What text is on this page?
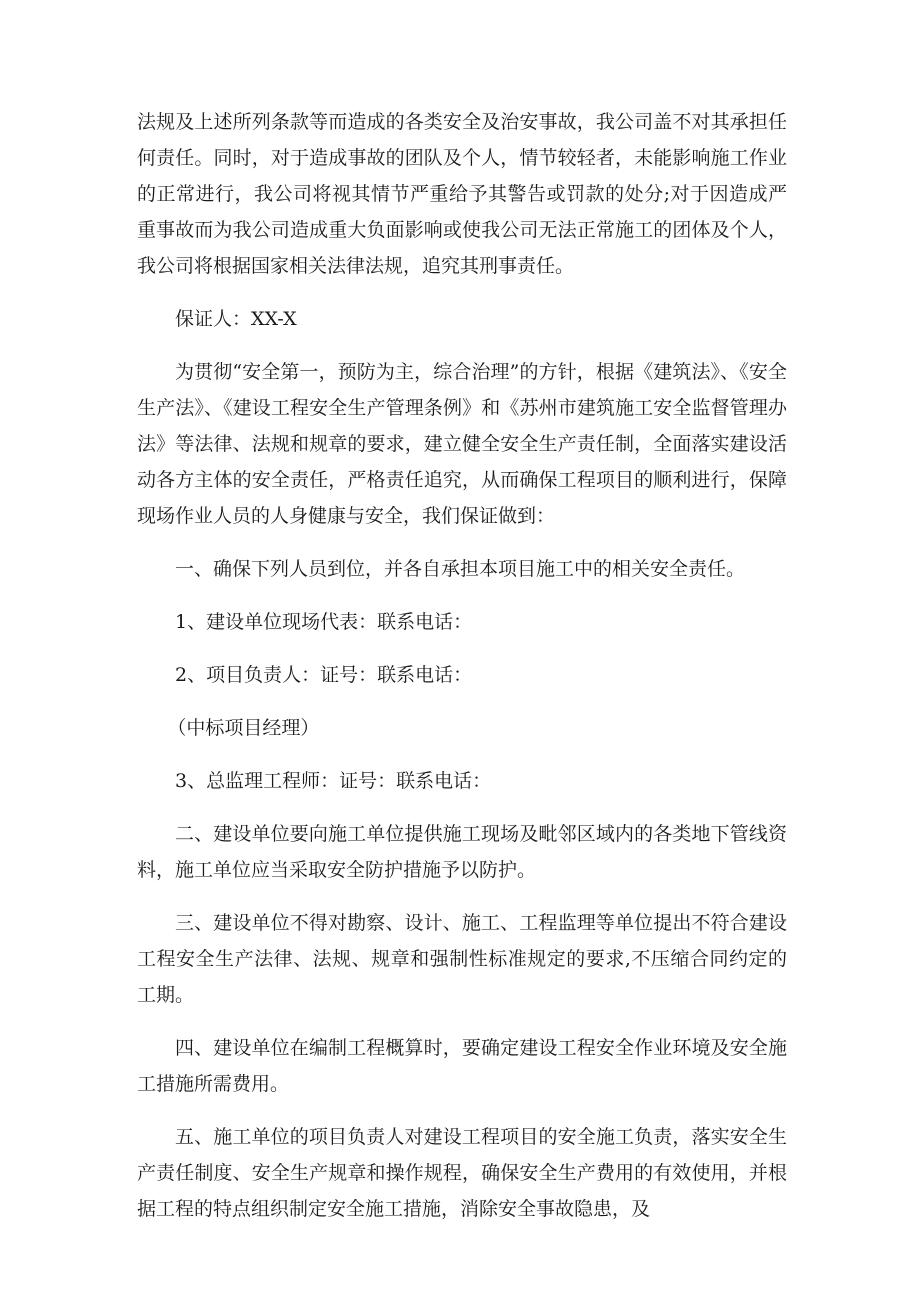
法规及上述所列条款等而造成的各类安全及治安事故，我公司盖不对其承担任何责任。同时，对于造成事故的团队及个人，情节较轻者，未能影响施工作业的正常进行，我公司将视其情节严重给予其警告或罚款的处分;对于因造成严重事故而为我公司造成重大负面影响或使我公司无法正常施工的团体及个人，我公司将根据国家相关法律法规，追究其刑事责任。

保证人：XX-X

为贯彻“安全第一，预防为主，综合治理”的方针，根据《建筑法》、《安全生产法》、《建设工程安全生产管理条例》和《苏州市建筑施工安全监督管理办法》等法律、法规和规章的要求，建立健全安全生产责任制，全面落实建设活动各方主体的安全责任，严格责任追究，从而确保工程项目的顺利进行，保障现场作业人员的人身健康与安全，我们保证做到：

一、确保下列人员到位，并各自承担本项目施工中的相关安全责任。

1、建设单位现场代表：联系电话：

2、项目负责人：证号：联系电话：

（中标项目经理）

3、总监理工程师：证号：联系电话：

二、建设单位要向施工单位提供施工现场及毗邻区域内的各类地下管线资料，施工单位应当采取安全防护措施予以防护。

三、建设单位不得对勘察、设计、施工、工程监理等单位提出不符合建设工程安全生产法律、法规、规章和强制性标准规定的要求,不压缩合同约定的工期。

四、建设单位在编制工程概算时，要确定建设工程安全作业环境及安全施工措施所需费用。

五、施工单位的项目负责人对建设工程项目的安全施工负责，落实安全生产责任制度、安全生产规章和操作规程，确保安全生产费用的有效使用，并根据工程的特点组织制定安全施工措施，消除安全事故隐患，及
